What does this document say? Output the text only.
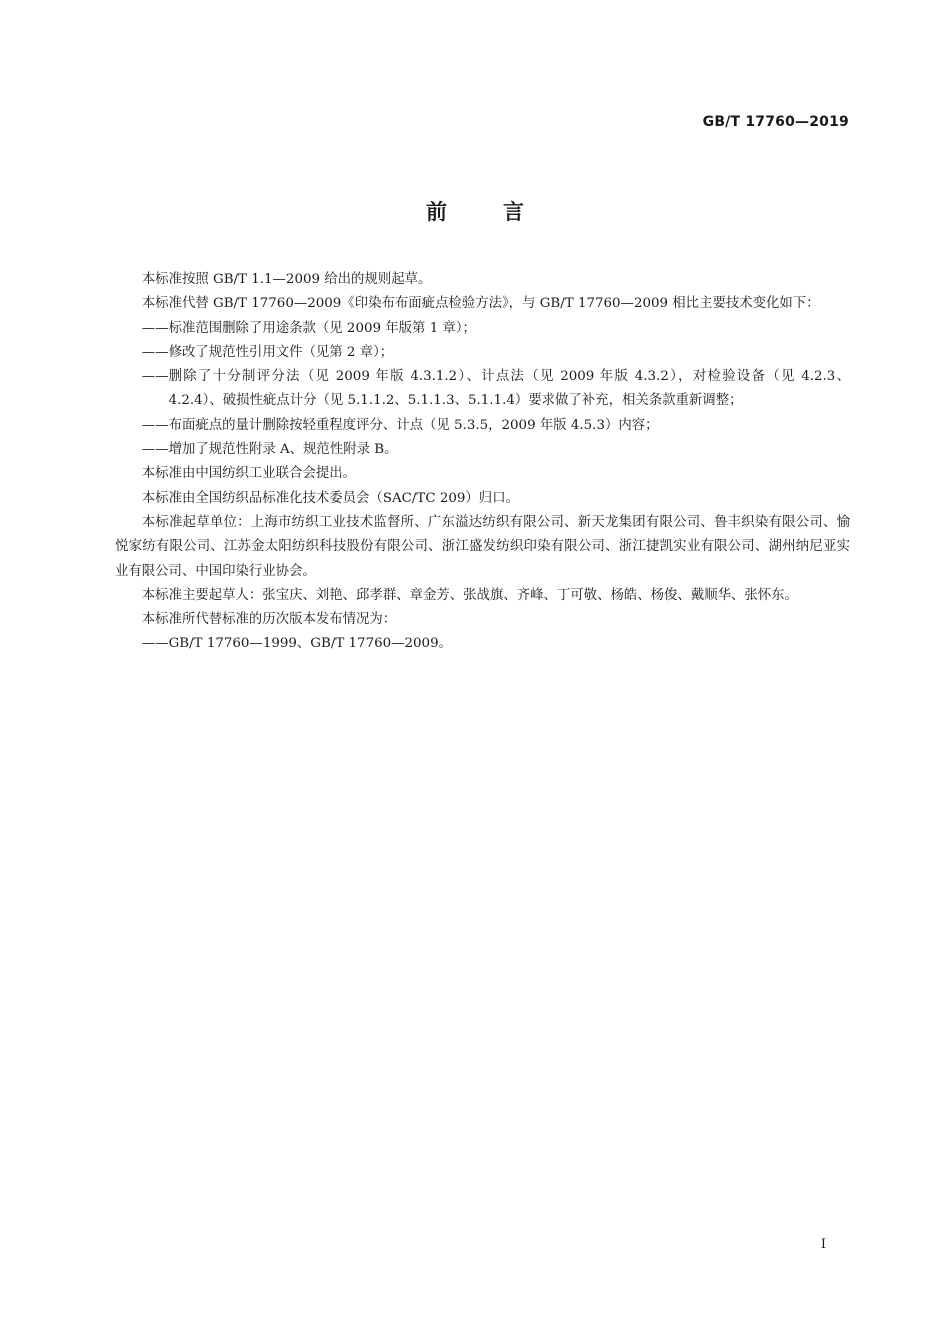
GB/T 17760—2019
前言

本标准按照 GB/T 1.1—2009 给出的规则起草。

本标准代替 GB/T 17760—2009《印染布布面疵点检验方法》，与 GB/T 17760—2009 相比主要技术变化如下：

—— 标准范围删除了用途条款（见 2009 年版第 1 章）；

—— 修改了规范性引用文件（见第 2 章）；

—— 删除了十分制评分法（见 2009 年版 4.3.1.2）、计点法（见 2009 年版 4.3.2），对检验设备（见 4.2.3、4.2.4）、破损性疵点计分（见 5.1.1.2、5.1.1.3、5.1.1.4）要求做了补充，相关条款重新调整；

—— 布面疵点的量计删除按轻重程度评分、计点（见 5.3.5，2009 年版 4.5.3）内容；

—— 增加了规范性附录 A、规范性附录 B。

本标准由中国纺织工业联合会提出。

本标准由全国纺织品标准化技术委员会（SAC/TC 209）归口。

本标准起草单位：上海市纺织工业技术监督所、广东溢达纺织有限公司、新天龙集团有限公司、鲁丰织染有限公司、愉悦家纺有限公司、江苏金太阳纺织科技股份有限公司、浙江盛发纺织印染有限公司、浙江捷凯实业有限公司、湖州纳尼亚实业有限公司、中国印染行业协会。

本标准主要起草人：张宝庆、刘艳、邱孝群、章金芳、张战旗、齐峰、丁可敬、杨皓、杨俊、戴顺华、张怀东。

本标准所代替标准的历次版本发布情况为：

—— GB/T 17760—1999、GB/T 17760—2009。

I
